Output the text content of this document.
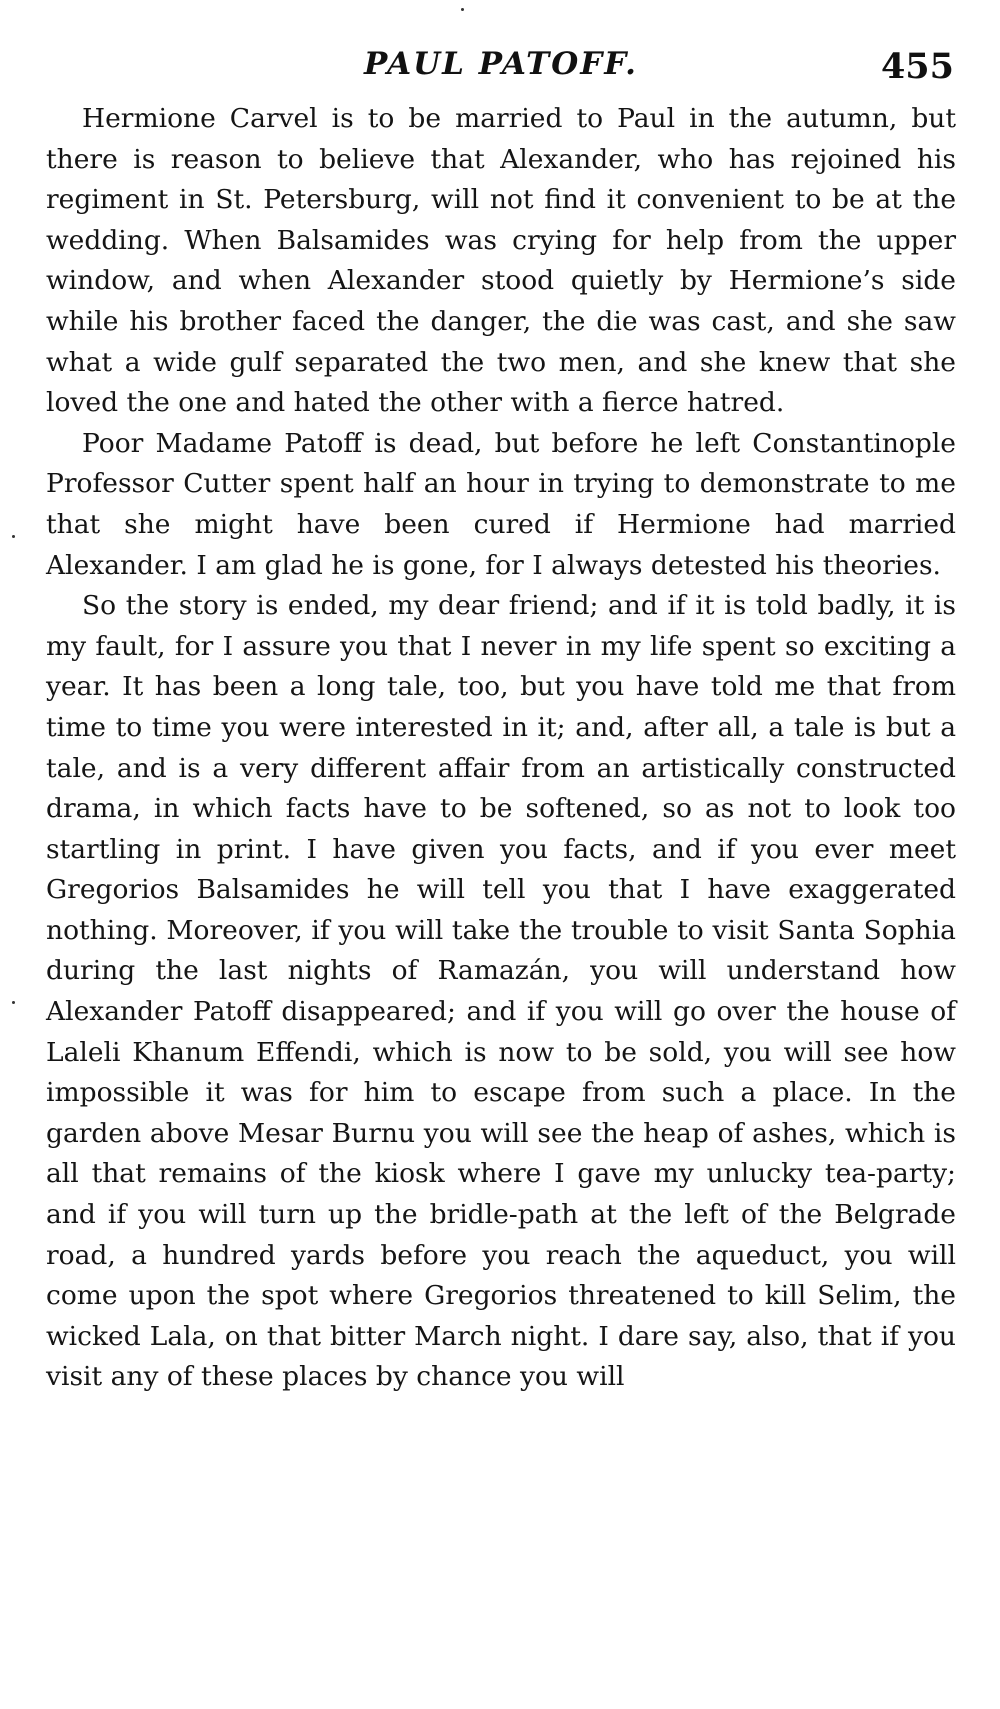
PAUL PATOFF.	455

Hermione Carvel is to be married to Paul in the autumn, but there is reason to believe that Alexander, who has rejoined his regiment in St. Petersburg, will not find it convenient to be at the wedding. When Balsamides was crying for help from the upper window, and when Alexander stood quietly by Hermione’s side while his brother faced the danger, the die was cast, and she saw what a wide gulf separated the two men, and she knew that she loved the one and hated the other with a fierce hatred.

Poor Madame Patoff is dead, but before he left Constantinople Professor Cutter spent half an hour in trying to demonstrate to me that she might have been cured if Hermione had married Alexander. I am glad he is gone, for I always detested his theories.

So the story is ended, my dear friend; and if it is told badly, it is my fault, for I assure you that I never in my life spent so exciting a year. It has been a long tale, too, but you have told me that from time to time you were interested in it; and, after all, a tale is but a tale, and is a very different affair from an artistically constructed drama, in which facts have to be softened, so as not to look too startling in print. I have given you facts, and if you ever meet Gregorios Balsamides he will tell you that I have exaggerated nothing. Moreover, if you will take the trouble to visit Santa Sophia during the last nights of Ramazán, you will understand how Alexander Patoff disappeared; and if you will go over the house of Laleli Khanum Effendi, which is now to be sold, you will see how impossible it was for him to escape from such a place. In the garden above Mesar Burnu you will see the heap of ashes, which is all that remains of the kiosk where I gave my unlucky tea-party; and if you will turn up the bridle-path at the left of the Belgrade road, a hundred yards before you reach the aqueduct, you will come upon the spot where Gregorios threatened to kill Selim, the wicked Lala, on that bitter March night. I dare say, also, that if you visit any of these places by chance you will
